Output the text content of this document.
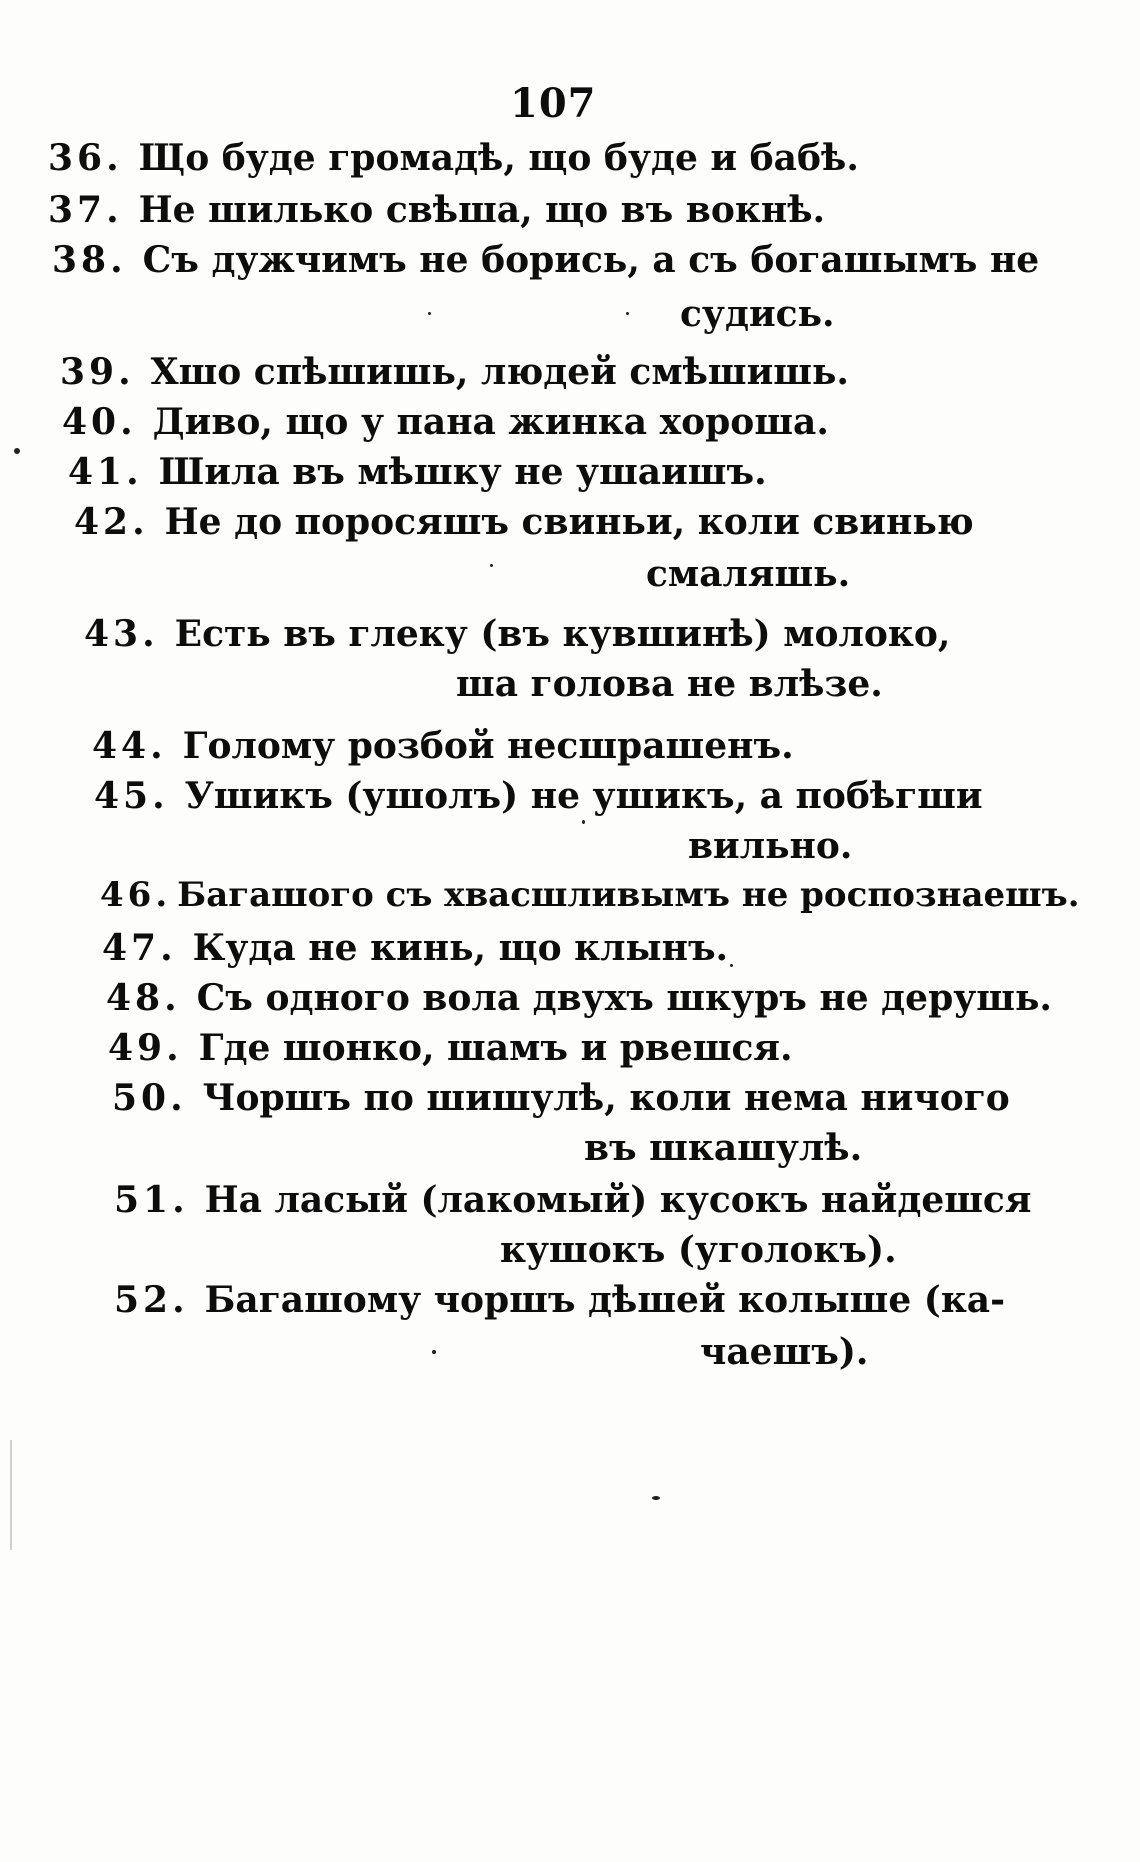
107
36. Що буде громадѣ, що буде и бабѣ.
37. Не шилько свѣша, що въ вокнѣ.
38. Съ дужчимъ не борись, а съ богашымъ не
судись.
39. Хшо спѣшишь, людей смѣшишь.
40. Диво, що у пана жинка хороша.
41. Шила въ мѣшку не ушаишъ.
42. Не до поросяшъ свиньи, коли свинью
смаляшь.
43. Есть въ глеку (въ кувшинѣ) молоко,
ша голова не влѣзе.
44. Голому розбой несшрашенъ.
45. Ушикъ (ушолъ) не ушикъ, а побѣгши
вильно.
46. Багашого съ хвасшливымъ не роспознаешъ.
47. Куда не кинь, що клынъ.
48. Съ одного вола двухъ шкуръ не дерушь.
49. Где шонко, шамъ и рвешся.
50. Чоршъ по шишулѣ, коли нема ничого
въ шкашулѣ.
51. На ласый (лакомый) кусокъ найдешся
кушокъ (уголокъ).
52. Багашому чоршъ дѣшей колыше (ка-
чаешъ).
